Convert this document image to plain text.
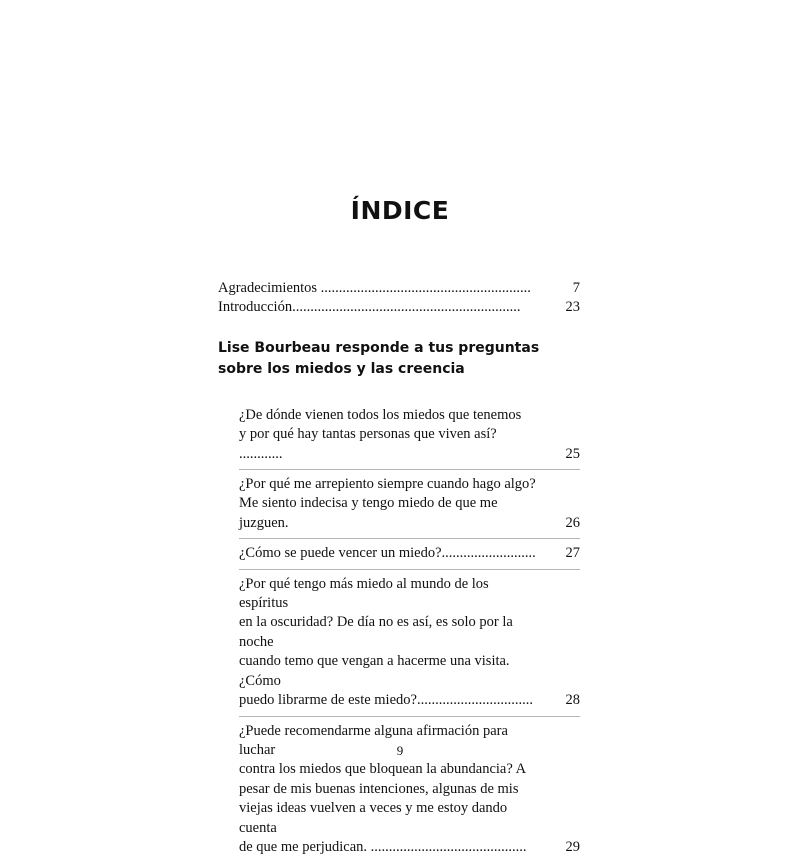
ÍNDICE
Agradecimientos ..........................................................	7
Introducción...............................................................	23
Lise Bourbeau responde a tus preguntas sobre los miedos y las creencia
¿De dónde vienen todos los miedos que tenemos
y por qué hay tantas personas que viven así? ............	25
¿Por qué me arrepiento siempre cuando hago algo?
Me siento indecisa y tengo miedo de que me juzguen.	26
¿Cómo se puede vencer un miedo?..........................	27
¿Por qué tengo más miedo al mundo de los espíritus
en la oscuridad? De día no es así, es solo por la noche
cuando temo que vengan a hacerme una visita. ¿Cómo
puedo librarme de este miedo?................................	28
¿Puede recomendarme alguna afirmación para luchar
contra los miedos que bloquean la abundancia? A
pesar de mis buenas intenciones, algunas de mis
viejas ideas vuelven a veces y me estoy dando cuenta
de que me perjudican. ...........................................	29
9
